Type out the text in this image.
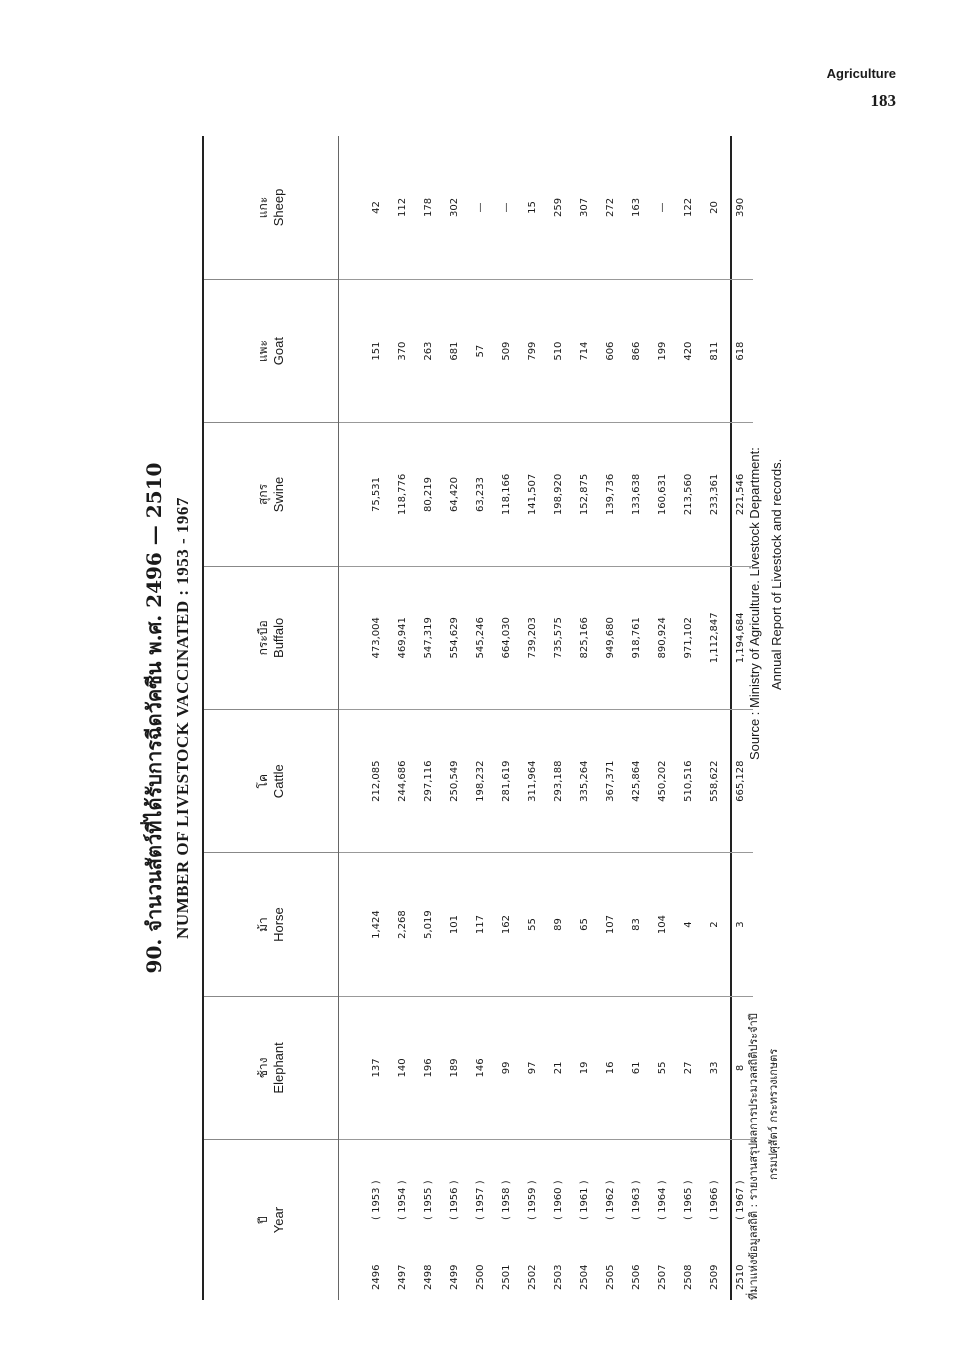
Agriculture
183
90. จำนวนสัตว์ที่ได้รับการฉีดวัคซีน พ.ศ. 2496 — 2510 NUMBER OF LIVESTOCK VACCINATED : 1953 - 1967
ปี Year	ช้าง Elephant	ม้า Horse	โค Cattle	กระบือ Buffalo	สุกร Swine	แพะ Goat	แกะ Sheep

2496( 1953 )	137	1,424	212,085	473,004	75,531	151	42
2497( 1954 )	140	2,268	244,686	469,941	118,776	370	112
2498( 1955 )	196	5,019	297,116	547,319	80,219	263	178
2499( 1956 )	189	101	250,549	554,629	64,420	681	302
2500( 1957 )	146	117	198,232	545,246	63,233	57	—
2501( 1958 )	99	162	281,619	664,030	118,166	509	—
2502( 1959 )	97	55	311,964	739,203	141,507	799	15
2503( 1960 )	21	89	293,188	735,575	198,920	510	259
2504( 1961 )	19	65	335,264	825,166	152,875	714	307
2505( 1962 )	16	107	367,371	949,680	139,736	606	272
2506( 1963 )	61	83	425,864	918,761	133,638	866	163
2507( 1964 )	55	104	450,202	890,924	160,631	199	—
2508( 1965 )	27	4	510,516	971,102	213,560	420	122
2509( 1966 )	33	2	558,622	1,112,847	233,361	811	20
2510( 1967 )	8	3	665,128	1,194,684	221,546	618	390
ที่มาแห่งข้อมูลสถิติ : รายงานสรุปผลการประมวลสถิติประจำปี กรมปศุสัตว์ กระทรวงเกษตร
Source : Ministry of Agriculture. Livestock Department: Annual Report of Livestock and records.
